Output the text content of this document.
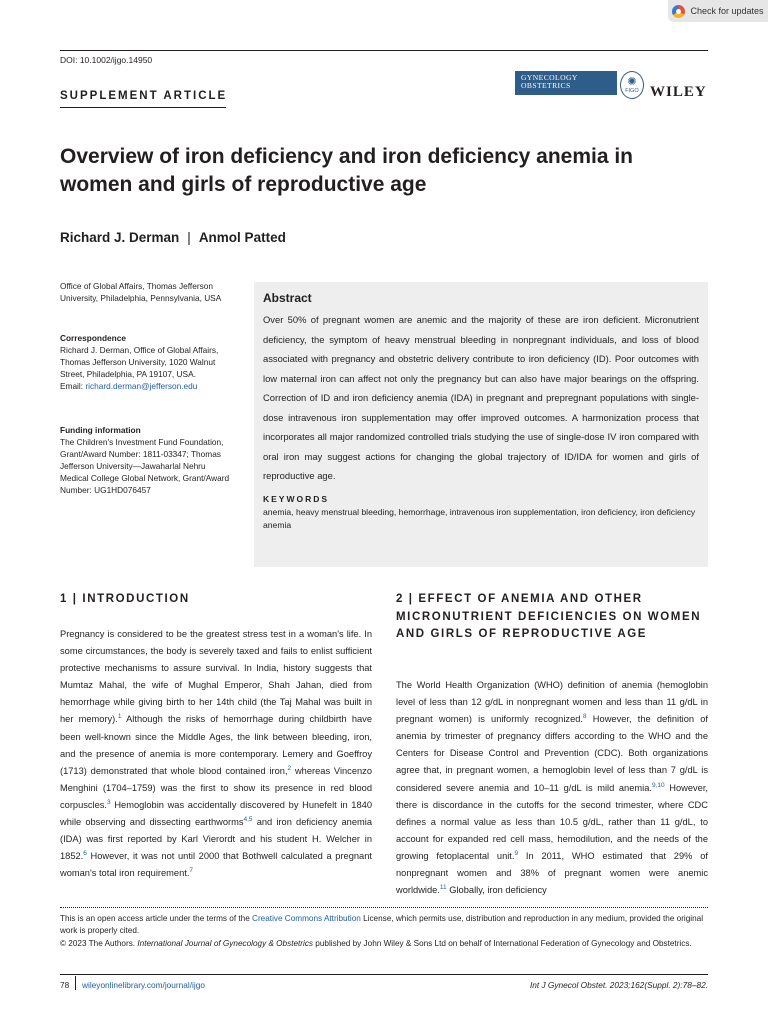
Check for updates
DOI: 10.1002/ijgo.14950
SUPPLEMENT ARTICLE
GYNECOLOGY
OBSTETRICS	✺
FIGO WILEY
Overview of iron deficiency and iron deficiency anemia in women and girls of reproductive age
Richard J. Derman | Anmol Patted
Office of Global Affairs, Thomas Jefferson University, Philadelphia, Pennsylvania, USA
Correspondence
Richard J. Derman, Office of Global Affairs, Thomas Jefferson University, 1020 Walnut Street, Philadelphia, PA 19107, USA.
Email: richard.derman@jefferson.edu
Funding information
The Children's Investment Fund Foundation, Grant/Award Number: 1811-03347; Thomas Jefferson University—Jawaharlal Nehru Medical College Global Network, Grant/Award Number: UG1HD076457
Abstract

Over 50% of pregnant women are anemic and the majority of these are iron deficient. Micronutrient deficiency, the symptom of heavy menstrual bleeding in nonpregnant individuals, and loss of blood associated with pregnancy and obstetric delivery contribute to iron deficiency (ID). Poor outcomes with low maternal iron can affect not only the pregnancy but can also have major bearings on the offspring. Correction of ID and iron deficiency anemia (IDA) in pregnant and prepregnant populations with single-dose intravenous iron supplementation may offer improved outcomes. A harmonization process that incorporates all major randomized controlled trials studying the use of single-dose IV iron compared with oral iron may suggest actions for changing the global trajectory of ID/IDA for women and girls of reproductive age.

KEYWORDS
anemia, heavy menstrual bleeding, hemorrhage, intravenous iron supplementation, iron deficiency, iron deficiency anemia
1 | INTRODUCTION

Pregnancy is considered to be the greatest stress test in a woman's life. In some circumstances, the body is severely taxed and fails to enlist sufficient protective mechanisms to assure survival. In India, history suggests that Mumtaz Mahal, the wife of Mughal Emperor, Shah Jahan, died from hemorrhage while giving birth to her 14th child (the Taj Mahal was built in her memory).$^1$ Although the risks of hemorrhage during childbirth have been well-known since the Middle Ages, the link between bleeding, iron, and the presence of anemia is more contemporary. Lemery and Goeffroy (1713) demonstrated that whole blood contained iron,$^2$ whereas Vincenzo Menghini (1704–1759) was the first to show its presence in red blood corpuscles.$^3$ Hemoglobin was accidentally discovered by Hunefelt in 1840 while observing and dissecting earthworms$^{4,5}$ and iron deficiency anemia (IDA) was first reported by Karl Vierordt and his student H. Welcher in 1852.$^6$ However, it was not until 2000 that Bothwell calculated a pregnant woman's total iron requirement.$^7$

2 | EFFECT OF ANEMIA AND OTHER MICRONUTRIENT DEFICIENCIES ON WOMEN AND GIRLS OF REPRODUCTIVE AGE

The World Health Organization (WHO) definition of anemia (hemoglobin level of less than 12 g/dL in nonpregnant women and less than 11 g/dL in pregnant women) is uniformly recognized.$^8$ However, the definition of anemia by trimester of pregnancy differs according to the WHO and the Centers for Disease Control and Prevention (CDC). Both organizations agree that, in pregnant women, a hemoglobin level of less than 7 g/dL is considered severe anemia and 10–11 g/dL is mild anemia.$^{9,10}$ However, there is discordance in the cutoffs for the second trimester, where CDC defines a normal value as less than 10.5 g/dL, rather than 11 g/dL, to account for expanded red cell mass, hemodilution, and the needs of the growing fetoplacental unit.$^9$ In 2011, WHO estimated that 29% of nonpregnant women and 38% of pregnant women were anemic worldwide.$^{11}$ Globally, iron deficiency

This is an open access article under the terms of the Creative Commons Attribution License, which permits use, distribution and reproduction in any medium, provided the original work is properly cited.

© 2023 The Authors. International Journal of Gynecology & Obstetrics published by John Wiley & Sons Ltd on behalf of International Federation of Gynecology and Obstetrics.

78 wileyonlinelibrary.com/journal/ijgo	Int J Gynecol Obstet. 2023;162(Suppl. 2):78–82.
